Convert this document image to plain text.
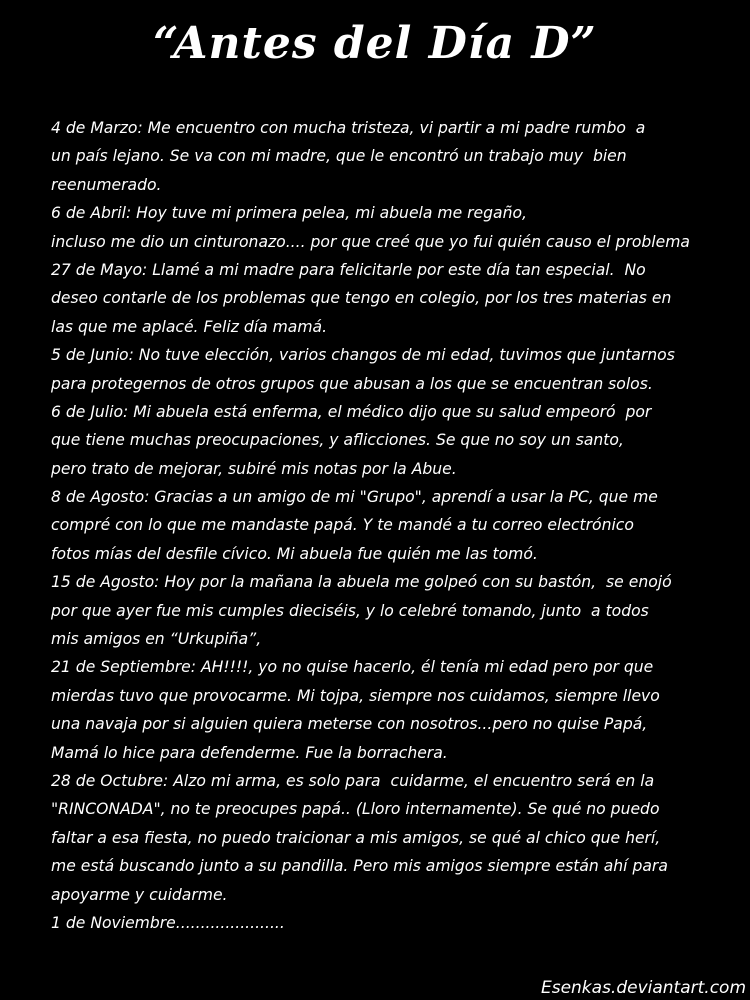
“Antes del Día D”
4 de Marzo: Me encuentro con mucha tristeza, vi partir a mi padre rumbo  a
un país lejano. Se va con mi madre, que le encontró un trabajo muy  bien
reenumerado.
6 de Abril: Hoy tuve mi primera pelea, mi abuela me regaño,
incluso me dio un cinturonazo.... por que creé que yo fui quién causo el problema
27 de Mayo: Llamé a mi madre para felicitarle por este día tan especial.  No
deseo contarle de los problemas que tengo en colegio, por los tres materias en
las que me aplacé. Feliz día mamá.
5 de Junio: No tuve elección, varios changos de mi edad, tuvimos que juntarnos
para protegernos de otros grupos que abusan a los que se encuentran solos.
6 de Julio: Mi abuela está enferma, el médico dijo que su salud empeoró  por
que tiene muchas preocupaciones, y aflicciones. Se que no soy un santo,
pero trato de mejorar, subiré mis notas por la Abue.
8 de Agosto: Gracias a un amigo de mi "Grupo", aprendí a usar la PC, que me
compré con lo que me mandaste papá. Y te mandé a tu correo electrónico
fotos mías del desfile cívico. Mi abuela fue quién me las tomó.
15 de Agosto: Hoy por la mañana la abuela me golpeó con su bastón,  se enojó
por que ayer fue mis cumples dieciséis, y lo celebré tomando, junto  a todos
mis amigos en “Urkupiña”,
21 de Septiembre: AH!!!!, yo no quise hacerlo, él tenía mi edad pero por que
mierdas tuvo que provocarme. Mi tojpa, siempre nos cuidamos, siempre llevo
una navaja por si alguien quiera meterse con nosotros...pero no quise Papá,
Mamá lo hice para defenderme. Fue la borrachera.
28 de Octubre: Alzo mi arma, es solo para  cuidarme, el encuentro será en la
"RINCONADA", no te preocupes papá.. (Lloro internamente). Se qué no puedo
faltar a esa fiesta, no puedo traicionar a mis amigos, se qué al chico que herí,
me está buscando junto a su pandilla. Pero mis amigos siempre están ahí para
apoyarme y cuidarme.
1 de Noviembre......................
Esenkas.deviantart.com
